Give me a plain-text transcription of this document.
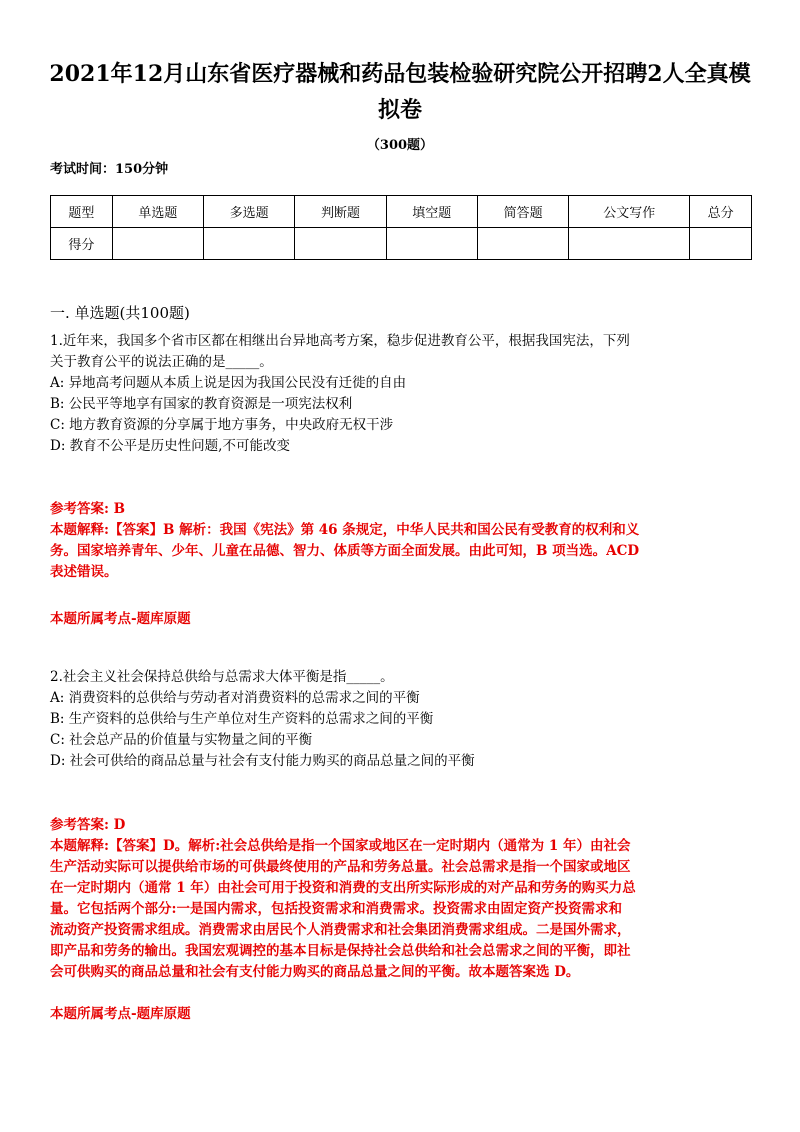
2021年12月山东省医疗器械和药品包装检验研究院公开招聘2人全真模拟卷
（300题）
考试时间：150分钟
题型	单选题	多选题	判断题	填空题	简答题	公文写作	总分
得分							
一. 单选题(共100题)
1.近年来，我国多个省市区都在相继出台异地高考方案，稳步促进教育公平，根据我国宪法，下列
关于教育公平的说法正确的是_____。
A: 异地高考问题从本质上说是因为我国公民没有迁徙的自由
B: 公民平等地享有国家的教育资源是一项宪法权利
C: 地方教育资源的分享属于地方事务，中央政府无权干涉
D: 教育不公平是历史性问题,不可能改变
参考答案: B
本题解释:【答案】B 解析：我国《宪法》第 46 条规定，中华人民共和国公民有受教育的权利和义
务。国家培养青年、少年、儿童在品德、智力、体质等方面全面发展。由此可知，B 项当选。ACD
表述错误。
本题所属考点-题库原题
2.社会主义社会保持总供给与总需求大体平衡是指_____。
A: 消费资料的总供给与劳动者对消费资料的总需求之间的平衡
B: 生产资料的总供给与生产单位对生产资料的总需求之间的平衡
C: 社会总产品的价值量与实物量之间的平衡
D: 社会可供给的商品总量与社会有支付能力购买的商品总量之间的平衡
参考答案: D
本题解释:【答案】D。解析:社会总供给是指一个国家或地区在一定时期内（通常为 1 年）由社会
生产活动实际可以提供给市场的可供最终使用的产品和劳务总量。社会总需求是指一个国家或地区
在一定时期内（通常 1 年）由社会可用于投资和消费的支出所实际形成的对产品和劳务的购买力总
量。它包括两个部分:一是国内需求，包括投资需求和消费需求。投资需求由固定资产投资需求和
流动资产投资需求组成。消费需求由居民个人消费需求和社会集团消费需求组成。二是国外需求，
即产品和劳务的输出。我国宏观调控的基本目标是保持社会总供给和社会总需求之间的平衡，即社
会可供购买的商品总量和社会有支付能力购买的商品总量之间的平衡。故本题答案选 D。
本题所属考点-题库原题
